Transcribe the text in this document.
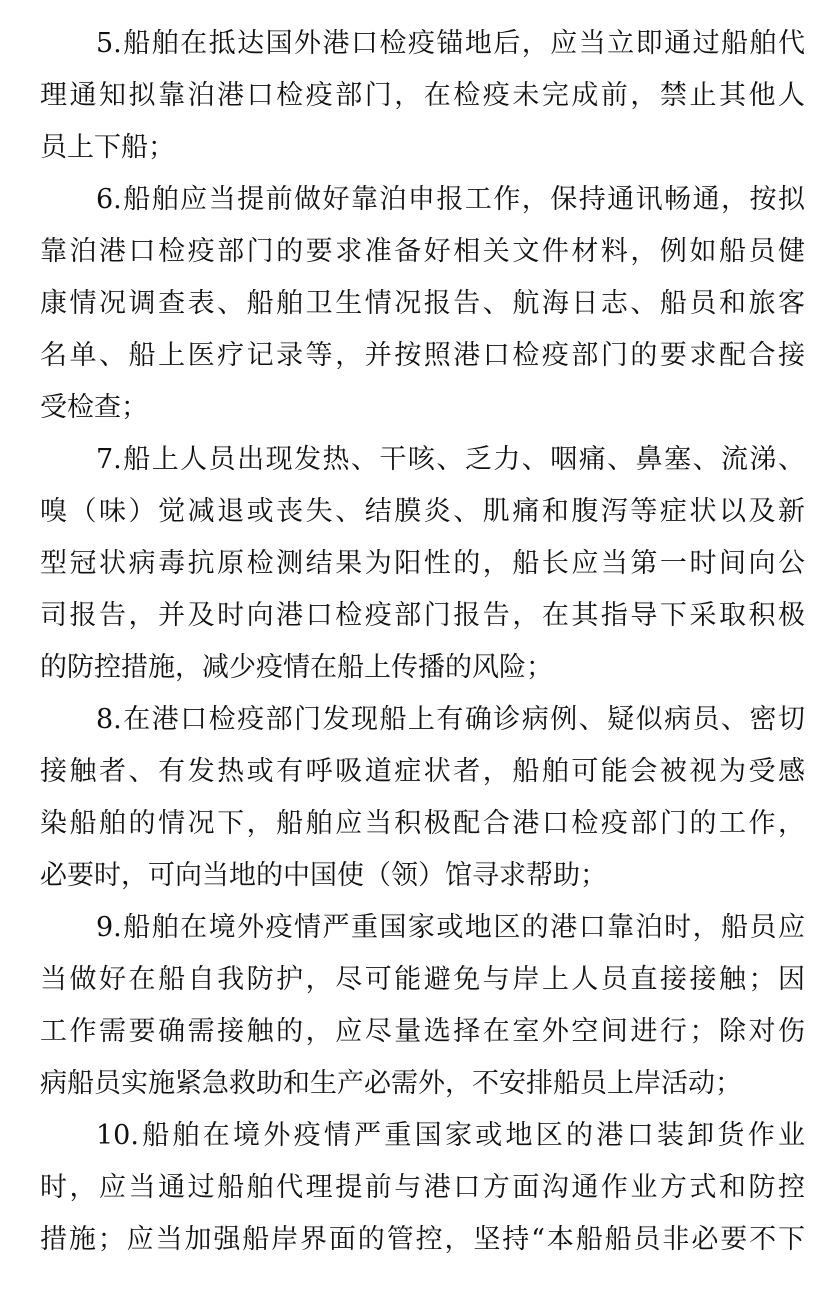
5.船舶在抵达国外港口检疫锚地后，应当立即通过船舶代
理通知拟靠泊港口检疫部门，在检疫未完成前，禁止其他人
员上下船；
6.船舶应当提前做好靠泊申报工作，保持通讯畅通，按拟
靠泊港口检疫部门的要求准备好相关文件材料，例如船员健
康情况调查表、船舶卫生情况报告、航海日志、船员和旅客
名单、船上医疗记录等，并按照港口检疫部门的要求配合接
受检查；
7.船上人员出现发热、干咳、乏力、咽痛、鼻塞、流涕、
嗅（味）觉减退或丧失、结膜炎、肌痛和腹泻等症状以及新
型冠状病毒抗原检测结果为阳性的，船长应当第一时间向公
司报告，并及时向港口检疫部门报告，在其指导下采取积极
的防控措施，减少疫情在船上传播的风险；
8.在港口检疫部门发现船上有确诊病例、疑似病员、密切
接触者、有发热或有呼吸道症状者，船舶可能会被视为受感
染船舶的情况下，船舶应当积极配合港口检疫部门的工作，
必要时，可向当地的中国使（领）馆寻求帮助；
9.船舶在境外疫情严重国家或地区的港口靠泊时，船员应
当做好在船自我防护，尽可能避免与岸上人员直接接触；因
工作需要确需接触的，应尽量选择在室外空间进行；除对伤
病船员实施紧急救助和生产必需外，不安排船员上岸活动；
10.船舶在境外疫情严重国家或地区的港口装卸货作业
时，应当通过船舶代理提前与港口方面沟通作业方式和防控
措施；应当加强船岸界面的管控，坚持“本船船员非必要不下
